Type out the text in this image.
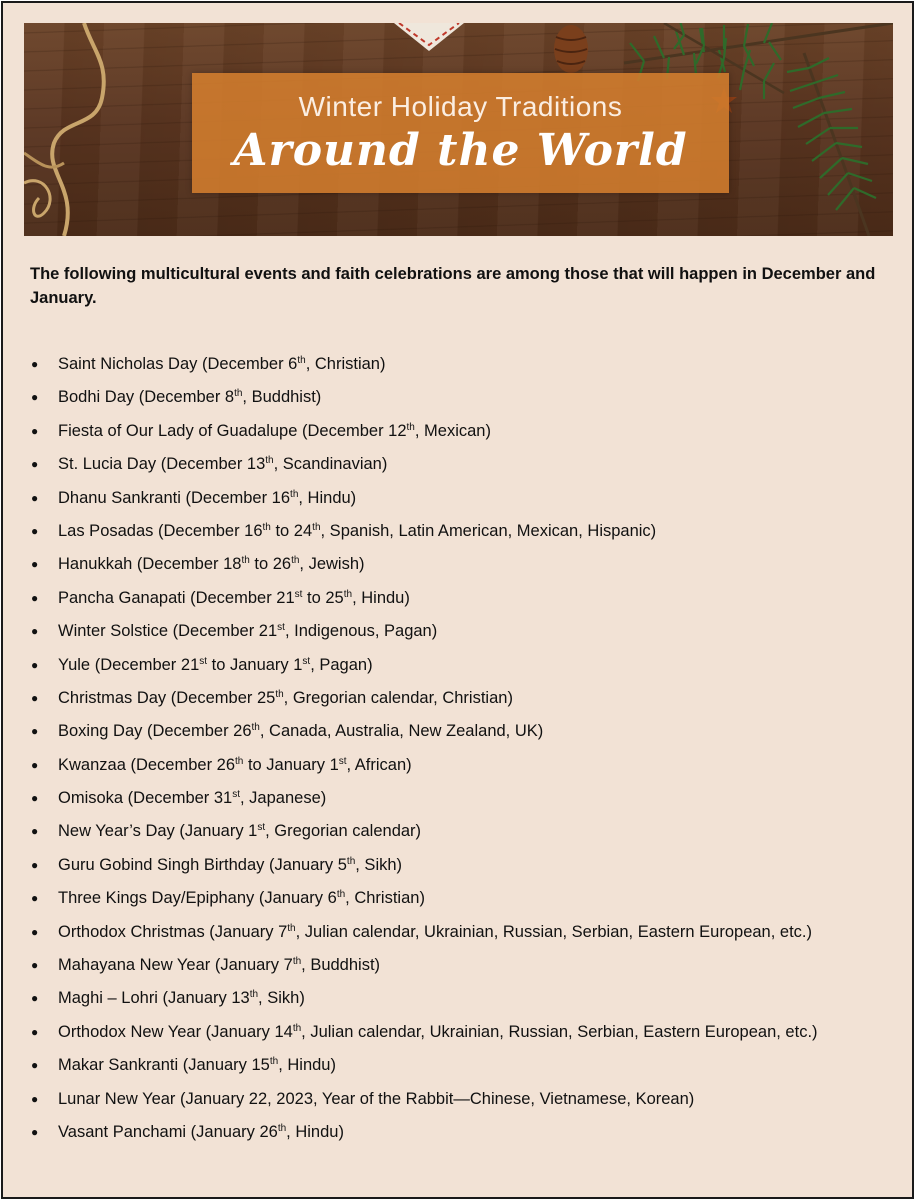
Winter Holiday Traditions
Around the World

The following multicultural events and faith celebrations are among those that will happen in December and January.

● Saint Nicholas Day (December 6th, Christian)
● Bodhi Day (December 8th, Buddhist)
● Fiesta of Our Lady of Guadalupe (December 12th, Mexican)
● St. Lucia Day (December 13th, Scandinavian)
● Dhanu Sankranti (December 16th, Hindu)
● Las Posadas (December 16th to 24th, Spanish, Latin American, Mexican, Hispanic)
● Hanukkah (December 18th to 26th, Jewish)
● Pancha Ganapati (December 21st to 25th, Hindu)
● Winter Solstice (December 21st, Indigenous, Pagan)
● Yule (December 21st to January 1st, Pagan)
● Christmas Day (December 25th, Gregorian calendar, Christian)
● Boxing Day (December 26th, Canada, Australia, New Zealand, UK)
● Kwanzaa (December 26th to January 1st, African)
● Omisoka (December 31st, Japanese)
● New Year’s Day (January 1st, Gregorian calendar)
● Guru Gobind Singh Birthday (January 5th, Sikh)
● Three Kings Day/Epiphany (January 6th, Christian)
● Orthodox Christmas (January 7th, Julian calendar, Ukrainian, Russian, Serbian, Eastern European, etc.)
● Mahayana New Year (January 7th, Buddhist)
● Maghi – Lohri (January 13th, Sikh)
● Orthodox New Year (January 14th, Julian calendar, Ukrainian, Russian, Serbian, Eastern European, etc.)
● Makar Sankranti (January 15th, Hindu)
● Lunar New Year (January 22, 2023, Year of the Rabbit—Chinese, Vietnamese, Korean)
● Vasant Panchami (January 26th, Hindu)
